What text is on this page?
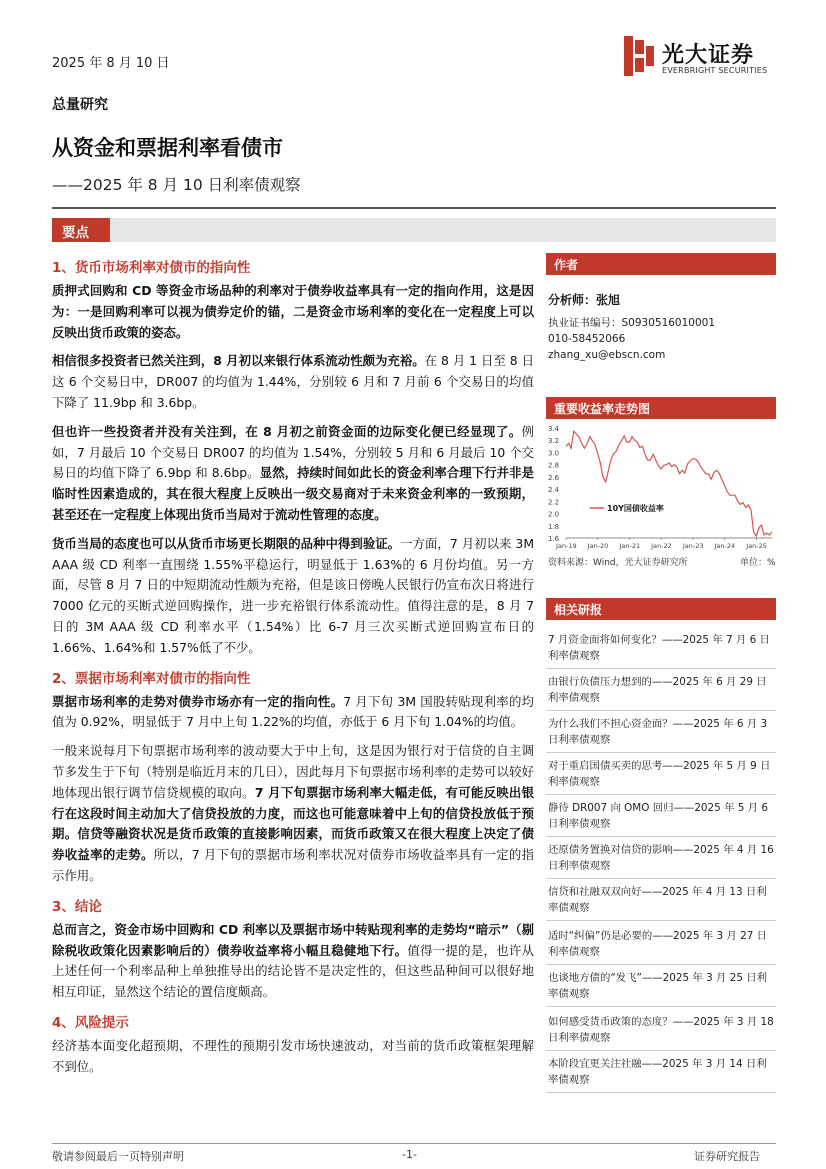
2025 年 8 月 10 日	光大证券
EVERBRIGHT SECURITIES
总量研究
从资金和票据利率看债市
——2025 年 8 月 10 日利率债观察
要点
1、货币市场利率对债市的指向性
质押式回购和 CD 等资金市场品种的利率对于债券收益率具有一定的指向作用，这是因为：一是回购利率可以视为债券定价的锚，二是资金市场利率的变化在一定程度上可以反映出货币政策的姿态。
相信很多投资者已然关注到，8 月初以来银行体系流动性颇为充裕。在 8 月 1 日至 8 日这 6 个交易日中，DR007 的均值为 1.44%，分别较 6 月和 7 月前 6 个交易日的均值下降了 11.9bp 和 3.6bp。
但也许一些投资者并没有关注到，在 8 月初之前资金面的边际变化便已经显现了。例如，7 月最后 10 个交易日 DR007 的均值为 1.54%，分别较 5 月和 6 月最后 10 个交易日的均值下降了 6.9bp 和 8.6bp。显然，持续时间如此长的资金利率合理下行并非是临时性因素造成的，其在很大程度上反映出一级交易商对于未来资金利率的一致预期，甚至还在一定程度上体现出货币当局对于流动性管理的态度。
货币当局的态度也可以从货币市场更长期限的品种中得到验证。一方面，7 月初以来 3M AAA 级 CD 利率一直围绕 1.55%平稳运行，明显低于 1.63%的 6 月份均值。另一方面，尽管 8 月 7 日的中短期流动性颇为充裕，但是该日傍晚人民银行仍宣布次日将进行 7000 亿元的买断式逆回购操作，进一步充裕银行体系流动性。值得注意的是，8 月 7 日的 3M AAA 级 CD 利率水平（1.54%）比 6-7 月三次买断式逆回购宣布日的 1.66%、1.64%和 1.57%低了不少。
2、票据市场利率对债市的指向性
票据市场利率的走势对债券市场亦有一定的指向性。7 月下旬 3M 国股转贴现利率的均值为 0.92%，明显低于 7 月中上旬 1.22%的均值，亦低于 6 月下旬 1.04%的均值。
一般来说每月下旬票据市场利率的波动要大于中上旬，这是因为银行对于信贷的自主调节多发生于下旬（特别是临近月末的几日），因此每月下旬票据市场利率的走势可以较好地体现出银行调节信贷规模的取向。7 月下旬票据市场利率大幅走低，有可能反映出银行在这段时间主动加大了信贷投放的力度，而这也可能意味着中上旬的信贷投放低于预期。信贷等融资状况是货币政策的直接影响因素，而货币政策又在很大程度上决定了债券收益率的走势。所以，7 月下旬的票据市场利率状况对债券市场收益率具有一定的指示作用。
3、结论
总而言之，资金市场中回购和 CD 利率以及票据市场中转贴现利率的走势均“暗示”（剔除税收政策化因素影响后的）债券收益率将小幅且稳健地下行。值得一提的是，也许从上述任何一个利率品种上单独推导出的结论皆不是决定性的，但这些品种间可以很好地相互印证，显然这个结论的置信度颇高。
4、风险提示
经济基本面变化超预期，不理性的预期引发市场快速波动，对当前的货币政策框架理解不到位。
作者
分析师：张旭
执业证书编号：S0930516010001
010-58452066
zhang_xu@ebscn.com
重要收益率走势图
1.6
1.8
2.0
2.2
2.4
2.6
2.8
3.0
3.2
3.4
Jan-19 Jan-20 Jan-21 Jan-22 Jan-23 Jan-24 Jan-25
10Y国债收益率
资料来源：Wind，光大证券研究所	单位：%
相关研报
7 月资金面将如何变化？——2025 年 7 月 6 日利率债观察
由银行负债压力想到的——2025 年 6 月 29 日利率债观察
为什么我们不担心资金面？——2025 年 6 月 3 日利率债观察
对于重启国债买卖的思考——2025 年 5 月 9 日利率债观察
静待 DR007 向 OMO 回归——2025 年 5 月 6 日利率债观察
还原债务置换对信贷的影响——2025 年 4 月 16 日利率债观察
信贷和社融双双向好——2025 年 4 月 13 日利率债观察
适时“纠偏”仍是必要的——2025 年 3 月 27 日利率债观察
也谈地方债的“发飞”——2025 年 3 月 25 日利率债观察
如何感受货币政策的态度？——2025 年 3 月 18 日利率债观察
本阶段宜更关注社融——2025 年 3 月 14 日利率债观察
敬请参阅最后一页特别声明	-1-	证券研究报告
